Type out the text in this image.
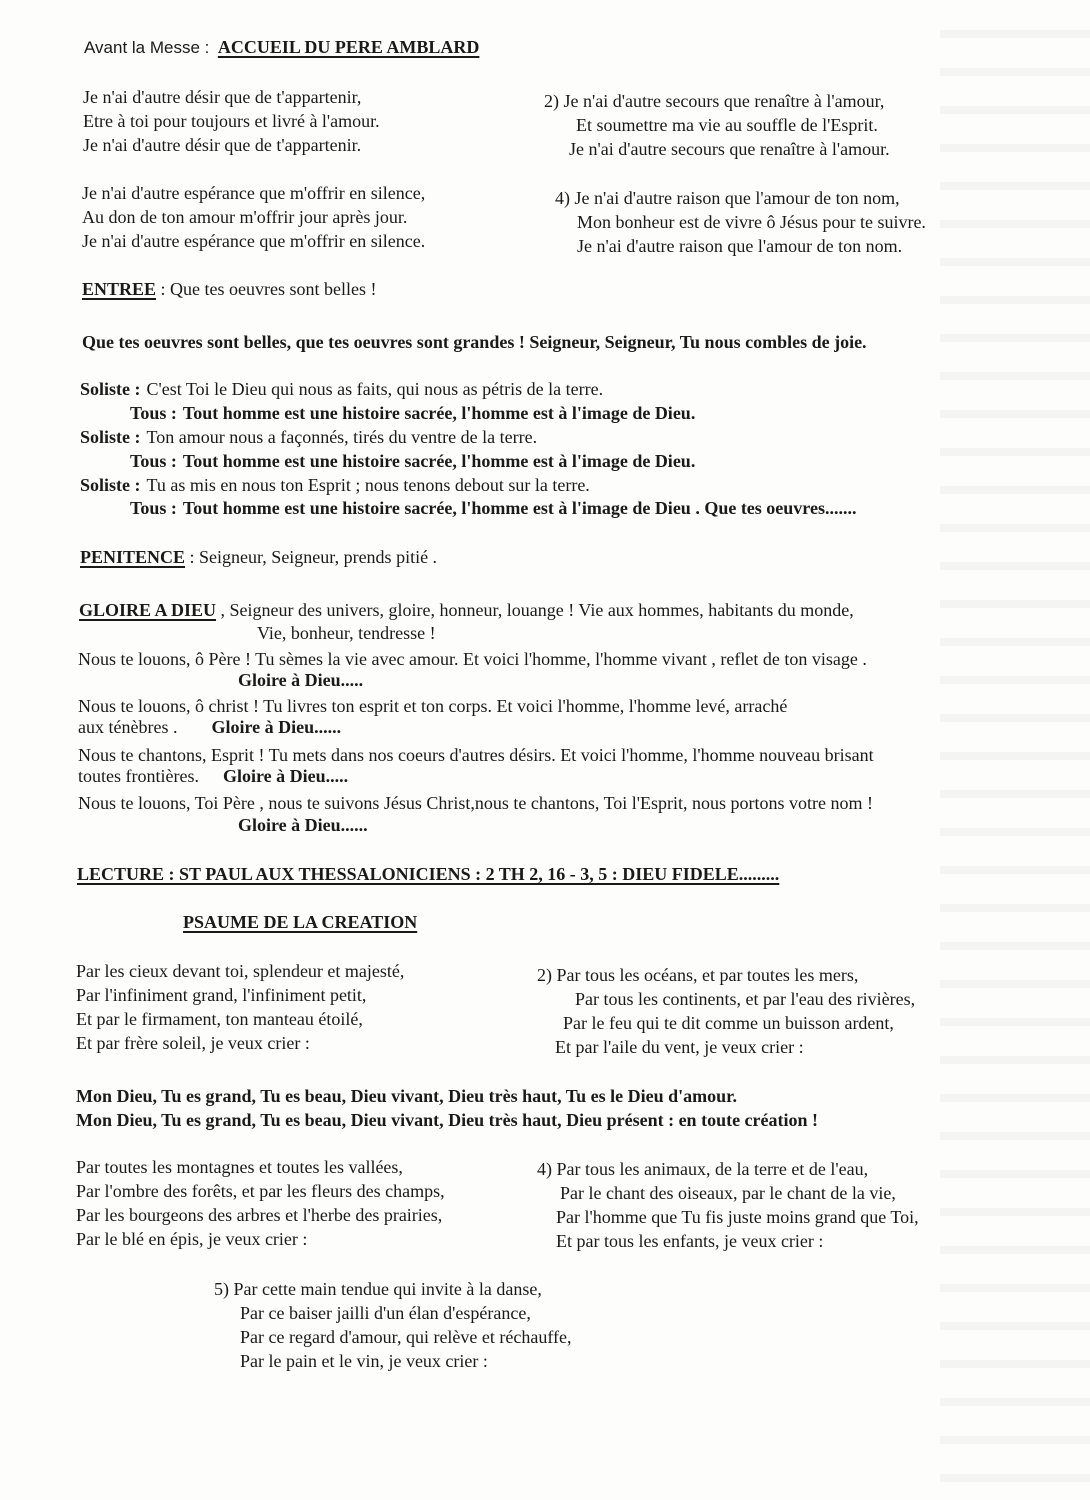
Avant la Messe : ACCUEIL DU PERE AMBLARD
Je n'ai d'autre désir que de t'appartenir,
Etre à toi pour toujours et livré à l'amour.
Je n'ai d'autre désir que de t'appartenir.
2) Je n'ai d'autre secours que renaître à l'amour,
Et soumettre ma vie au souffle de l'Esprit.
Je n'ai d'autre secours que renaître à l'amour.
Je n'ai d'autre espérance que m'offrir en silence,
Au don de ton amour m'offrir jour après jour.
Je n'ai d'autre espérance que m'offrir en silence.
4) Je n'ai d'autre raison que l'amour de ton nom,
Mon bonheur est de vivre ô Jésus pour te suivre.
Je n'ai d'autre raison que l'amour de ton nom.
ENTREE : Que tes oeuvres sont belles !
Que tes oeuvres sont belles, que tes oeuvres sont grandes ! Seigneur, Seigneur, Tu nous combles de joie.
Soliste : C'est Toi le Dieu qui nous as faits, qui nous as pétris de la terre.
Tous : Tout homme est une histoire sacrée, l'homme est à l'image de Dieu.
Soliste : Ton amour nous a façonnés, tirés du ventre de la terre.
Tous : Tout homme est une histoire sacrée, l'homme est à l'image de Dieu.
Soliste : Tu as mis en nous ton Esprit ; nous tenons debout sur la terre.
Tous : Tout homme est une histoire sacrée, l'homme est à l'image de Dieu . Que tes oeuvres.......
PENITENCE : Seigneur, Seigneur, prends pitié .
GLOIRE A DIEU , Seigneur des univers, gloire, honneur, louange ! Vie aux hommes, habitants du monde,
Vie, bonheur, tendresse !
Nous te louons, ô Père ! Tu sèmes la vie avec amour. Et voici l'homme, l'homme vivant , reflet de ton visage .
Gloire à Dieu.....
Nous te louons, ô christ ! Tu livres ton esprit et ton corps. Et voici l'homme, l'homme levé, arraché
aux ténèbres . Gloire à Dieu......
Nous te chantons, Esprit ! Tu mets dans nos coeurs d'autres désirs. Et voici l'homme, l'homme nouveau brisant
toutes frontières. Gloire à Dieu.....
Nous te louons, Toi Père , nous te suivons Jésus Christ,nous te chantons, Toi l'Esprit, nous portons votre nom !
Gloire à Dieu......
LECTURE : ST PAUL AUX THESSALONICIENS : 2 TH 2, 16 - 3, 5 : DIEU FIDELE.........
PSAUME DE LA CREATION
Par les cieux devant toi, splendeur et majesté,
Par l'infiniment grand, l'infiniment petit,
Et par le firmament, ton manteau étoilé,
Et par frère soleil, je veux crier :
2) Par tous les océans, et par toutes les mers,
Par tous les continents, et par l'eau des rivières,
Par le feu qui te dit comme un buisson ardent,
Et par l'aile du vent, je veux crier :
Mon Dieu, Tu es grand, Tu es beau, Dieu vivant, Dieu très haut, Tu es le Dieu d'amour.
Mon Dieu, Tu es grand, Tu es beau, Dieu vivant, Dieu très haut, Dieu présent : en toute création !
Par toutes les montagnes et toutes les vallées,
Par l'ombre des forêts, et par les fleurs des champs,
Par les bourgeons des arbres et l'herbe des prairies,
Par le blé en épis, je veux crier :
4) Par tous les animaux, de la terre et de l'eau,
Par le chant des oiseaux, par le chant de la vie,
Par l'homme que Tu fis juste moins grand que Toi,
Et par tous les enfants, je veux crier :
5) Par cette main tendue qui invite à la danse,
Par ce baiser jailli d'un élan d'espérance,
Par ce regard d'amour, qui relève et réchauffe,
Par le pain et le vin, je veux crier :
